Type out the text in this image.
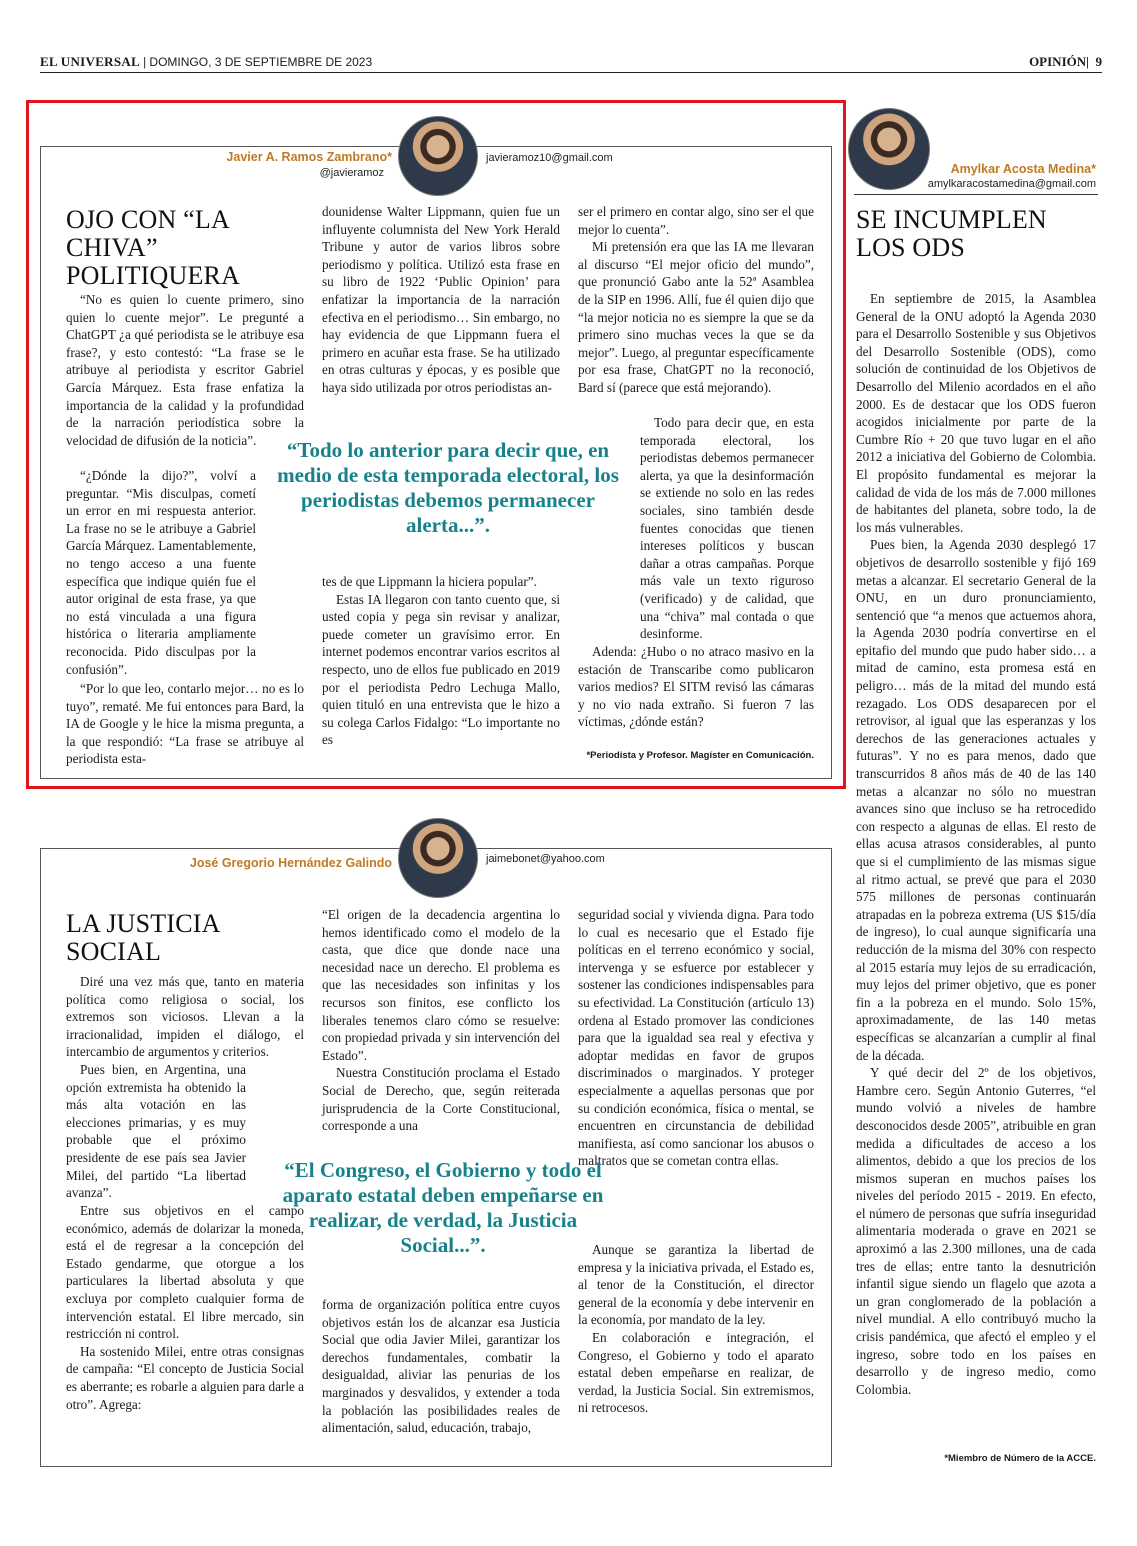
EL UNIVERSAL | DOMINGO, 3 DE SEPTIEMBRE DE 2023	OPINIÓN|  9
Javier A. Ramos Zambrano*
@javieramoz
javieramoz10@gmail.com
OJO CON “LA CHIVA”
POLITIQUERA

“No es quien lo cuente primero, sino quien lo cuente mejor”. Le pregunté a ChatGPT ¿a qué periodista se le atribuye esa frase?, y esto contestó: “La frase se le atribuye al periodista y escritor Gabriel García Márquez. Esta frase enfatiza la importancia de la calidad y la profundidad de la narración periodística sobre la velocidad de difusión de la noticia”.

“¿Dónde la dijo?”, volví a preguntar. “Mis disculpas, cometí un error en mi respuesta anterior. La frase no se le atribuye a Gabriel García Márquez. Lamentablemente, no tengo acceso a una fuente específica que indique quién fue el autor original de esta frase, ya que no está vinculada a una figura histórica o literaria ampliamente reconocida. Pido disculpas por la confusión”.

“Por lo que leo, contarlo mejor… no es lo tuyo”, rematé. Me fui entonces para Bard, la IA de Google y le hice la misma pregunta, a la que respondió: “La frase se atribuye al periodista esta-

dounidense Walter Lippmann, quien fue un influyente columnista del New York Herald Tribune y autor de varios libros sobre periodismo y política. Utilizó esta frase en su libro de 1922 ‘Public Opinion’ para enfatizar la importancia de la narración efectiva en el periodismo… Sin embargo, no hay evidencia de que Lippmann fuera el primero en acuñar esta frase. Se ha utilizado en otras culturas y épocas, y es posible que haya sido utilizada por otros periodistas an-

tes de que Lippmann la hiciera popular”.

Estas IA llegaron con tanto cuento que, si usted copia y pega sin revisar y analizar, puede cometer un gravísimo error. En internet podemos encontrar varios escritos al respecto, uno de ellos fue publicado en 2019 por el periodista Pedro Lechuga Mallo, quien tituló en una entrevista que le hizo a su colega Carlos Fidalgo: “Lo importante no es

ser el primero en contar algo, sino ser el que mejor lo cuenta”.

Mi pretensión era que las IA me llevaran al discurso “El mejor oficio del mundo”, que pronunció Gabo ante la 52ª Asamblea de la SIP en 1996. Allí, fue él quien dijo que “la mejor noticia no es siempre la que se da primero sino muchas veces la que se da mejor”. Luego, al preguntar específicamente por esa frase, ChatGPT no la reconoció, Bard sí (parece que está mejorando).

Todo para decir que, en esta temporada electoral, los periodistas debemos permanecer alerta, ya que la desinformación se extiende no solo en las redes sociales, sino también desde fuentes conocidas que tienen intereses políticos y buscan dañar a otras campañas. Porque más vale un texto riguroso (verificado) y de calidad, que una “chiva” mal contada o que desinforme.

Adenda: ¿Hubo o no atraco masivo en la estación de Transcaribe como publicaron varios medios? El SITM revisó las cámaras y no vio nada extraño. Si fueron 7 las víctimas, ¿dónde están?

“Todo lo anterior para decir que, en medio de esta temporada electoral, los periodistas debemos permanecer alerta...”.
*Periodista y Profesor. Magíster en Comunicación.
José Gregorio Hernández Galindo	jaimebonet@yahoo.com
LA JUSTICIA SOCIAL

Diré una vez más que, tanto en materia política como religiosa o social, los extremos son viciosos. Llevan a la irracionalidad, impiden el diálogo, el intercambio de argumentos y criterios.

Pues bien, en Argentina, una opción extremista ha obtenido la más alta votación en las elecciones primarias, y es muy probable que el próximo presidente de ese país sea Javier Milei, del partido “La libertad avanza”.

Entre sus objetivos en el campo económico, además de dolarizar la moneda, está el de regresar a la concepción del Estado gendarme, que otorgue a los particulares la libertad absoluta y que excluya por completo cualquier forma de intervención estatal. El libre mercado, sin restricción ni control.

Ha sostenido Milei, entre otras consignas de campaña: “El concepto de Justicia Social es aberrante; es robarle a alguien para darle a otro”. Agrega:

“El origen de la decadencia argentina lo hemos identificado como el modelo de la casta, que dice que donde nace una necesidad nace un derecho. El problema es que las necesidades son infinitas y los recursos son finitos, ese conflicto los liberales tenemos claro cómo se resuelve: con propiedad privada y sin intervención del Estado”.

Nuestra Constitución proclama el Estado Social de Derecho, que, según reiterada jurisprudencia de la Corte Constitucional, corresponde a una

forma de organización política entre cuyos objetivos están los de alcanzar esa Justicia Social que odia Javier Milei, garantizar los derechos fundamentales, combatir la desigualdad, aliviar las penurias de los marginados y desvalidos, y extender a toda la población las posibilidades reales de alimentación, salud, educación, trabajo,

seguridad social y vivienda digna. Para todo lo cual es necesario que el Estado fije políticas en el terreno económico y social, intervenga y se esfuerce por establecer y sostener las condiciones indispensables para su efectividad. La Constitución (artículo 13) ordena al Estado promover las condiciones para que la igualdad sea real y efectiva y adoptar medidas en favor de grupos discriminados o marginados. Y proteger especialmente a aquellas personas que por su condición económica, física o mental, se encuentren en circunstancia de debilidad manifiesta, así como sancionar los abusos o maltratos que se cometan contra ellas.

Aunque se garantiza la libertad de empresa y la iniciativa privada, el Estado es, al tenor de la Constitución, el director general de la economía y debe intervenir en la economía, por mandato de la ley.

En colaboración e integración, el Congreso, el Gobierno y todo el aparato estatal deben empeñarse en realizar, de verdad, la Justicia Social. Sin extremismos, ni retrocesos.

“El Congreso, el Gobierno y todo el aparato estatal deben empeñarse en realizar, de verdad, la Justicia Social...”.
Amylkar Acosta Medina*
amylkaracostamedina@gmail.com
SE INCUMPLEN
LOS ODS

En septiembre de 2015, la Asamblea General de la ONU adoptó la Agenda 2030 para el Desarrollo Sostenible y sus Objetivos del Desarrollo Sostenible (ODS), como solución de continuidad de los Objetivos de Desarrollo del Milenio acordados en el año 2000. Es de destacar que los ODS fueron acogidos inicialmente por parte de la Cumbre Río + 20 que tuvo lugar en el año 2012 a iniciativa del Gobierno de Colombia. El propósito fundamental es mejorar la calidad de vida de los más de 7.000 millones de habitantes del planeta, sobre todo, la de los más vulnerables.

Pues bien, la Agenda 2030 desplegó 17 objetivos de desarrollo sostenible y fijó 169 metas a alcanzar. El secretario General de la ONU, en un duro pronunciamiento, sentenció que “a menos que actuemos ahora, la Agenda 2030 podría convertirse en el epitafio del mundo que pudo haber sido… a mitad de camino, esta promesa está en peligro… más de la mitad del mundo está rezagado. Los ODS desaparecen por el retrovisor, al igual que las esperanzas y los derechos de las generaciones actuales y futuras”. Y no es para menos, dado que transcurridos 8 años más de 40 de las 140 metas a alcanzar no sólo no muestran avances sino que incluso se ha retrocedido con respecto a algunas de ellas. El resto de ellas acusa atrasos considerables, al punto que si el cumplimiento de las mismas sigue al ritmo actual, se prevé que para el 2030 575 millones de personas continuarán atrapadas en la pobreza extrema (US $15/día de ingreso), lo cual aunque significaría una reducción de la misma del 30% con respecto al 2015 estaría muy lejos de su erradicación, muy lejos del primer objetivo, que es poner fin a la pobreza en el mundo. Solo 15%, aproximadamente, de las 140 metas específicas se alcanzarían a cumplir al final de la década.

Y qué decir del 2º de los objetivos, Hambre cero. Según Antonio Guterres, “el mundo volvió a niveles de hambre desconocidos desde 2005”, atribuible en gran medida a dificultades de acceso a los alimentos, debido a que los precios de los mismos superan en muchos países los niveles del período 2015 - 2019. En efecto, el número de personas que sufría inseguridad alimentaria moderada o grave en 2021 se aproximó a las 2.300 millones, una de cada tres de ellas; entre tanto la desnutrición infantil sigue siendo un flagelo que azota a un gran conglomerado de la población a nivel mundial. A ello contribuyó mucho la crisis pandémica, que afectó el empleo y el ingreso, sobre todo en los países en desarrollo y de ingreso medio, como Colombia.

*Miembro de Número de la ACCE.
